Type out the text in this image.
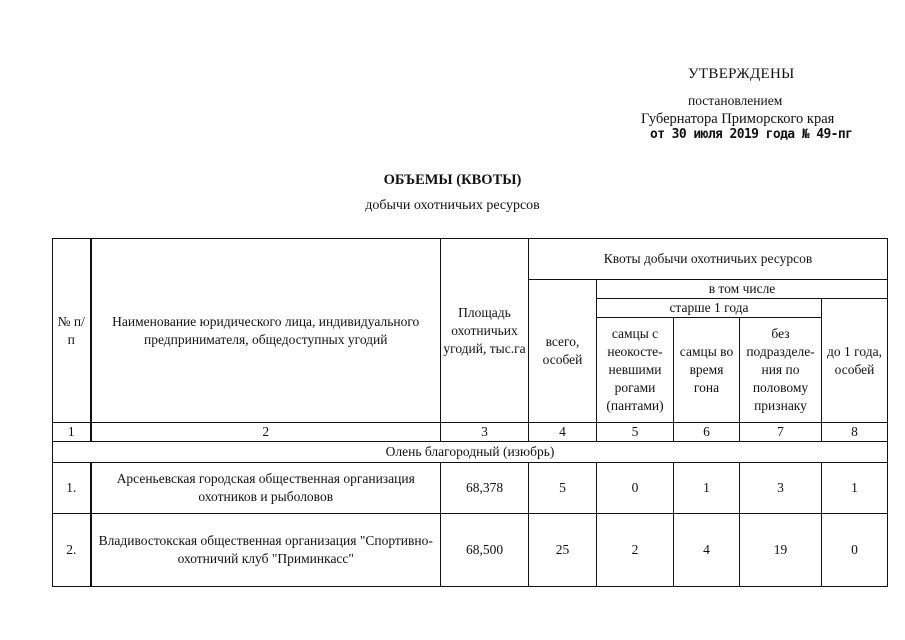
УТВЕРЖДЕНЫ
постановлением
Губернатора Приморского края
от 30 июля 2019 года № 49-пг
ОБЪЕМЫ (КВОТЫ)
добычи охотничьих ресурсов
№ п/п	Наименование юридического лица, индивидуального предпринимателя, общедоступных угодий	Площадь охотничьих угодий, тыс.га	Квоты добычи охотничьих ресурсов				
			всего, особей	в том числе			
				старше 1 года			до 1 года, особей
				самцы с неокосте-невшими рогами (пантами)	самцы во время гона	без подразделе-ния по половому признаку	
1	2	3	4	5	6	7	8
Олень благородный (изюбрь)							
1.	Арсеньевская городская общественная организация охотников и рыболовов	68,378	5	0	1	3	1
2.	Владивостокская общественная организация "Спортивно-охотничий клуб "Приминкасс"	68,500	25	2	4	19	0
